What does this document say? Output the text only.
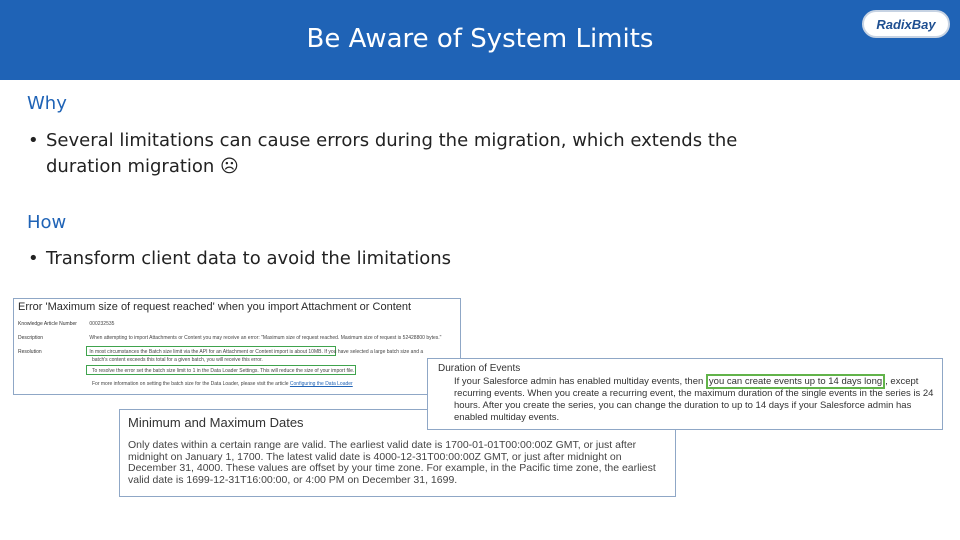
Be Aware of System Limits	RadixBay
Why
• Several limitations can cause errors during the migration, which extends the duration migration ☹
How
• Transform client data to avoid the limitations
Error 'Maximum size of request reached' when you import Attachment or Content
Knowledge Article Number 000232535
Description	When attempting to import Attachments or Content you may receive an error: "Maximum size of request reached. Maximum size of request is 52428800 bytes."
Resolution	In most circumstances the Batch size limit via the API for an Attachment or Content import is about 10MB. If you have selected a large batch size and a
batch's content exceeds this total for a given batch, you will receive this error.
To resolve the error set the batch size limit to 1 in the Data Loader Settings. This will reduce the size of your import file.
For more information on setting the batch size for the Data Loader, please visit the article Configuring the Data Loader
Minimum and Maximum Dates
Only dates within a certain range are valid. The earliest valid date is 1700-01-01T00:00:00Z GMT, or just after midnight on January 1, 1700. The latest valid date is 4000-12-31T00:00:00Z GMT, or just after midnight on December 31, 4000. These values are offset by your time zone. For example, in the Pacific time zone, the earliest valid date is 1699-12-31T16:00:00, or 4:00 PM on December 31, 1699.
Duration of Events
If your Salesforce admin has enabled multiday events, then you can create events up to 14 days long , except recurring events. When you create a recurring event, the maximum duration of the single events in the series is 24 hours. After you create the series, you can change the duration to up to 14 days if your Salesforce admin has enabled multiday events.
